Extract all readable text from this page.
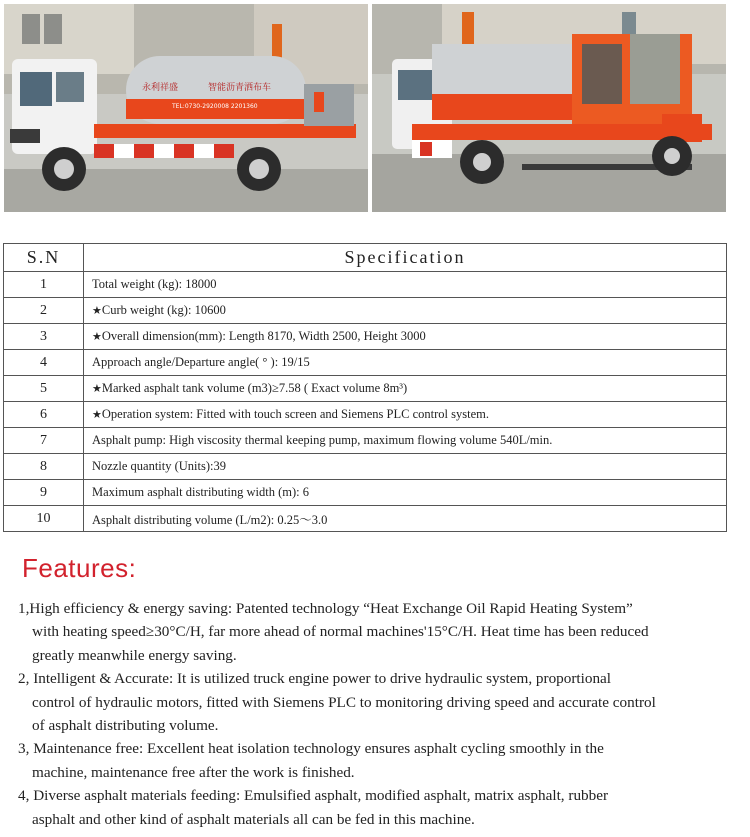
永利祥盛	智能沥青洒布车
TEL:0730-2920008 2201360
S.N	Specification
1	Total weight (kg): 18000
2	★Curb weight (kg): 10600
3	★Overall dimension(mm): Length 8170, Width 2500, Height 3000
4	Approach angle/Departure angle( ° ): 19/15
5	★Marked asphalt tank volume (m3)≥7.58 ( Exact volume 8m³)
6	★Operation system: Fitted with touch screen and Siemens PLC control system.
7	Asphalt pump: High viscosity thermal keeping pump, maximum flowing volume 540L/min.
8	Nozzle quantity (Units):39
9	Maximum asphalt distributing width (m): 6
10	Asphalt distributing volume (L/m2): 0.25～3.0
Features:
1,High efficiency & energy saving: Patented technology “Heat Exchange Oil Rapid Heating System”
with heating speed≥30°C/H, far more ahead of normal machines'15°C/H. Heat time has been reduced
greatly meanwhile energy saving.
2, Intelligent & Accurate: It is utilized truck engine power to drive hydraulic system, proportional
control of hydraulic motors, fitted with Siemens PLC to monitoring driving speed and accurate control
of asphalt distributing volume.
3, Maintenance free: Excellent heat isolation technology ensures asphalt cycling smoothly in the
machine, maintenance free after the work is finished.
4, Diverse asphalt materials feeding: Emulsified asphalt, modified asphalt, matrix asphalt, rubber
asphalt and other kind of asphalt materials all can be fed in this machine.
